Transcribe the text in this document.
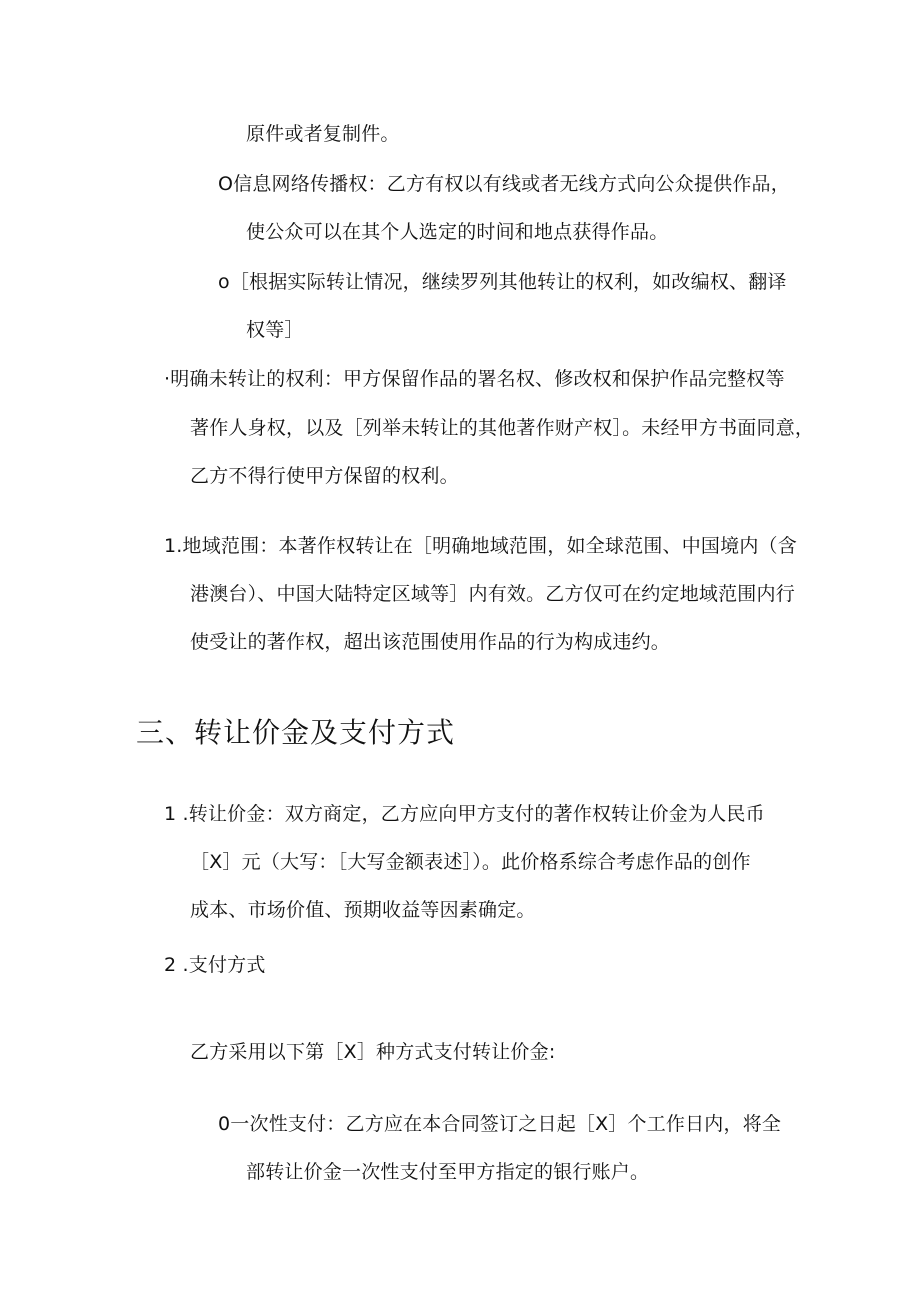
原件或者复制件。
O信息网络传播权：乙方有权以有线或者无线方式向公众提供作品，
使公众可以在其个人选定的时间和地点获得作品。
o［根据实际转让情况，继续罗列其他转让的权利，如改编权、翻译
权等］
·明确未转让的权利：甲方保留作品的署名权、修改权和保护作品完整权等
著作人身权，以及［列举未转让的其他著作财产权］。未经甲方书面同意，
乙方不得行使甲方保留的权利。
1.地域范围：本著作权转让在［明确地域范围，如全球范围、中国境内（含
港澳台）、中国大陆特定区域等］内有效。乙方仅可在约定地域范围内行
使受让的著作权，超出该范围使用作品的行为构成违约。
三、转让价金及支付方式
1 .转让价金：双方商定，乙方应向甲方支付的著作权转让价金为人民币
［X］元（大写：［大写金额表述］）。此价格系综合考虑作品的创作
成本、市场价值、预期收益等因素确定。
2 .支付方式
乙方采用以下第［X］种方式支付转让价金:
0一次性支付：乙方应在本合同签订之日起［X］个工作日内，将全
部转让价金一次性支付至甲方指定的银行账户。
